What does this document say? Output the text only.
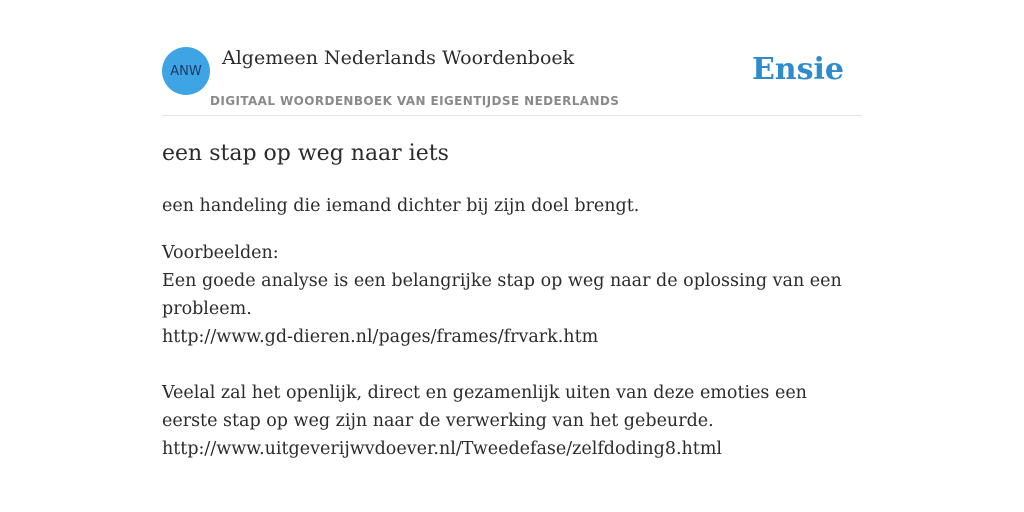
ANW
Algemeen Nederlands Woordenboek
DIGITAAL WOORDENBOEK VAN EIGENTIJDSE NEDERLANDS
Ensie
een stap op weg naar iets
een handeling die iemand dichter bij zijn doel brengt.
Voorbeelden:
Een goede analyse is een belangrijke stap op weg naar de oplossing van een probleem.
http://www.gd-dieren.nl/pages/frames/frvark.htm
Veelal zal het openlijk, direct en gezamenlijk uiten van deze emoties een eerste stap op weg zijn naar de verwerking van het gebeurde.
http://www.uitgeverijwvdoever.nl/Tweedefase/zelfdoding8.html
